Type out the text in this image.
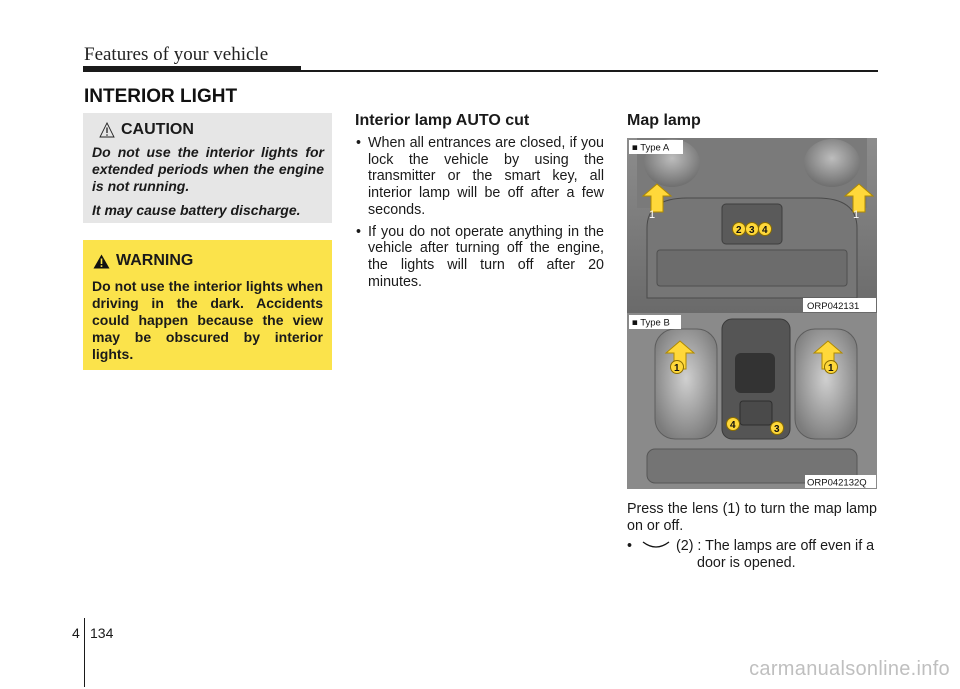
Features of your vehicle
INTERIOR LIGHT
CAUTION

Do not use the interior lights for extended periods when the engine is not running.

It may cause battery discharge.

WARNING
Do not use the interior lights when driving in the dark. Accidents could happen because the view may be obscured by interior lights.
Interior lamp AUTO cut
• When all entrances are closed, if you lock the vehicle by using the transmitter or the smart key, all interior lamp will be off after a few seconds.
• If you do not operate anything in the vehicle after turning off the engine, the lights will turn off after 20 minutes.
Map lamp
1	1
2 3 4
■ Type A
ORP042131
1	1
4	3
■ Type B
ORP042132Q
Press the lens (1) to turn the map lamp on or off.
•	(2) : The lamps are off even if a
door is opened.
4 134
carmanualsonline.info
